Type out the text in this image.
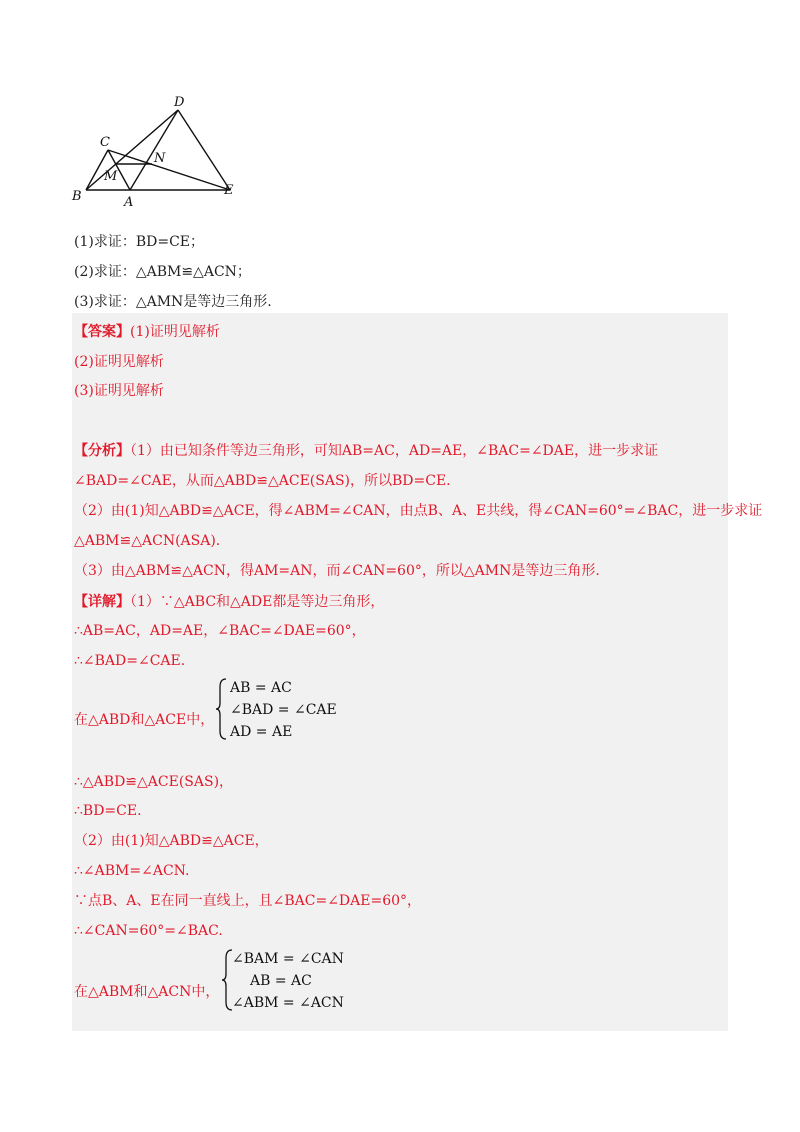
D
C
N
M
B	A
E
(1)求证：BD=CE；
(2)求证：△ABM≌△ACN；
(3)求证：△AMN是等边三角形.
【答案】(1)证明见解析
(2)证明见解析
(3)证明见解析
【分析】（1）由已知条件等边三角形，可知AB=AC，AD=AE，∠BAC=∠DAE，进一步求证
∠BAD=∠CAE，从而△ABD≌△ACE(SAS)，所以BD=CE.
（2）由(1)知△ABD≌△ACE，得∠ABM=∠CAN，由点B、A、E共线，得∠CAN=60°=∠BAC，进一步求证
△ABM≌△ACN(ASA).
（3）由△ABM≌△ACN，得AM=AN，而∠CAN=60°，所以△AMN是等边三角形.
【详解】（1）∵△ABC和△ADE都是等边三角形，
∴AB=AC，AD=AE，∠BAC=∠DAE=60°，
∴∠BAD=∠CAE.
在△ABD和△ACE中，
AB = AC
∠BAD = ∠CAE
AD = AE
∴△ABD≌△ACE(SAS)，
∴BD=CE.
（2）由(1)知△ABD≌△ACE，
∴∠ABM=∠ACN.
∵点B、A、E在同一直线上，且∠BAC=∠DAE=60°，
∴∠CAN=60°=∠BAC.
在△ABM和△ACN中，
∠BAM = ∠CAN
AB = AC
∠ABM = ∠ACN
